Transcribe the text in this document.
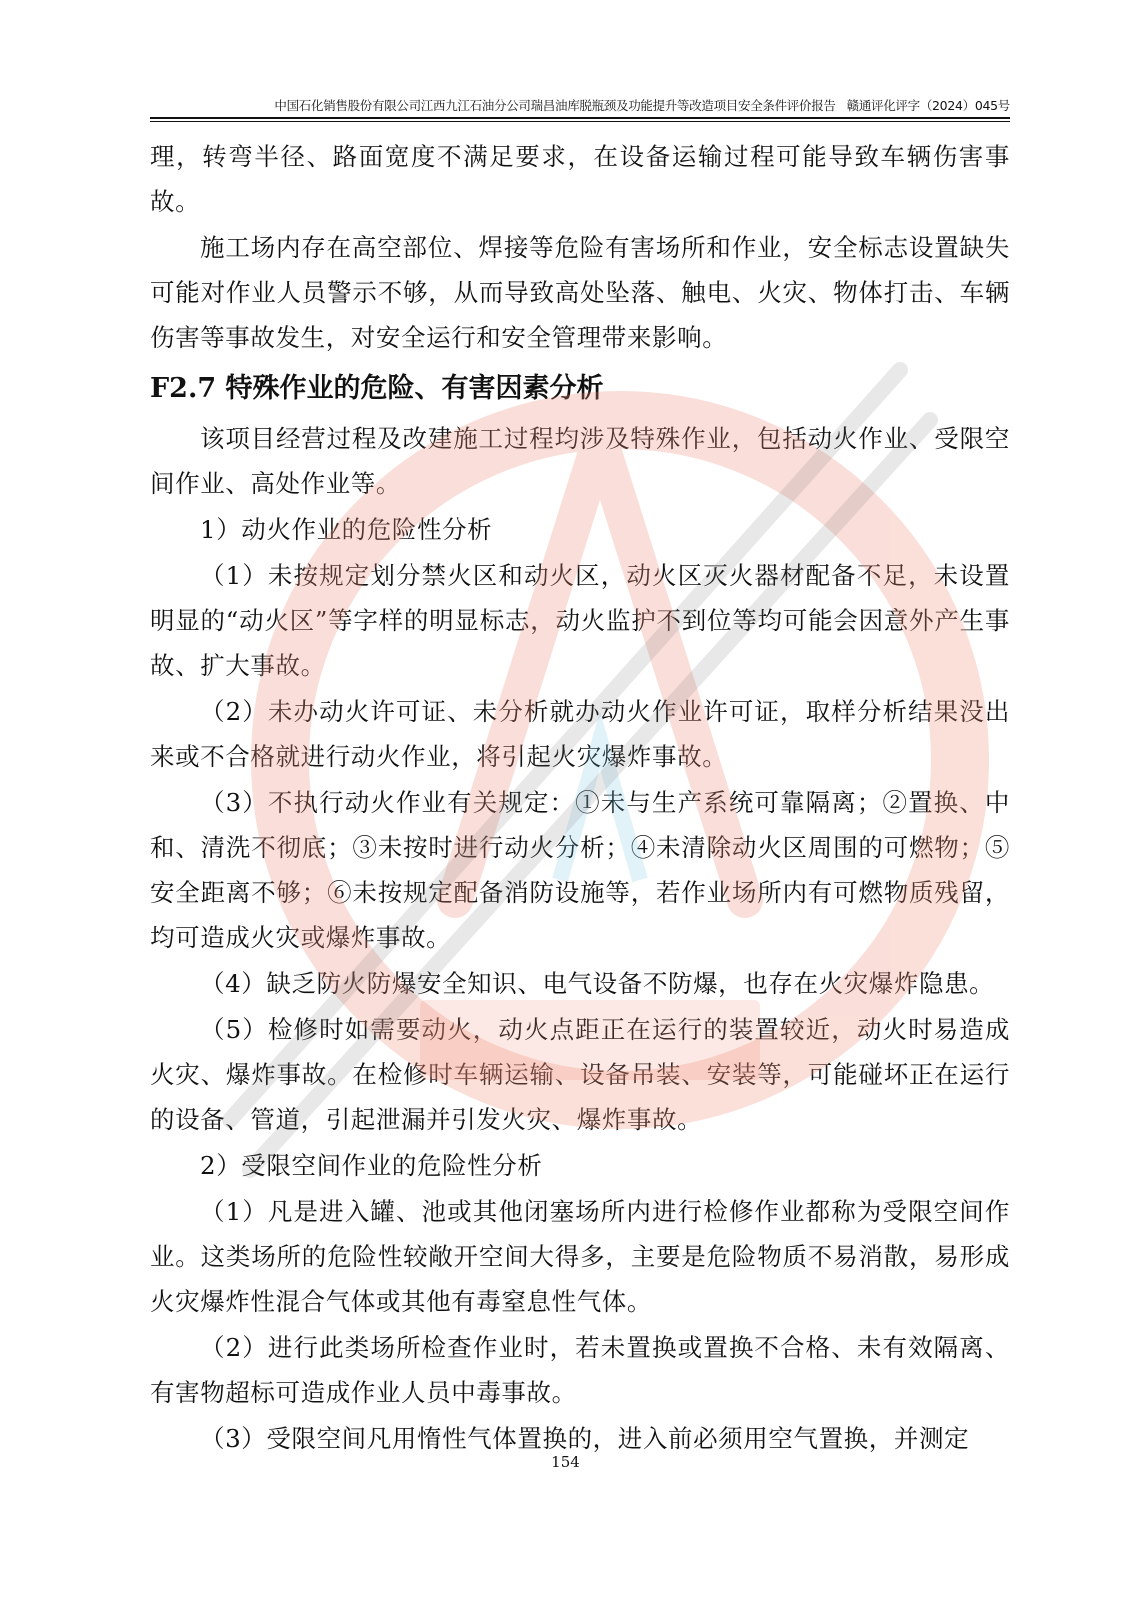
中国石化销售股份有限公司江西九江石油分公司瑞昌油库脱瓶颈及功能提升等改造项目安全条件评价报告 赣通评化评字（2024）045号

理，转弯半径、路面宽度不满足要求，在设备运输过程可能导致车辆伤害事故。

施工场内存在高空部位、焊接等危险有害场所和作业，安全标志设置缺失可能对作业人员警示不够，从而导致高处坠落、触电、火灾、物体打击、车辆伤害等事故发生，对安全运行和安全管理带来影响。

F2.7 特殊作业的危险、有害因素分析

该项目经营过程及改建施工过程均涉及特殊作业，包括动火作业、受限空间作业、高处作业等。

1）动火作业的危险性分析

（1）未按规定划分禁火区和动火区，动火区灭火器材配备不足，未设置明显的“动火区”等字样的明显标志，动火监护不到位等均可能会因意外产生事故、扩大事故。

（2）未办动火许可证、未分析就办动火作业许可证，取样分析结果没出来或不合格就进行动火作业，将引起火灾爆炸事故。

（3）不执行动火作业有关规定：①未与生产系统可靠隔离；②置换、中和、清洗不彻底；③未按时进行动火分析；④未清除动火区周围的可燃物；⑤安全距离不够；⑥未按规定配备消防设施等，若作业场所内有可燃物质残留，均可造成火灾或爆炸事故。

（4）缺乏防火防爆安全知识、电气设备不防爆，也存在火灾爆炸隐患。

（5）检修时如需要动火，动火点距正在运行的装置较近，动火时易造成火灾、爆炸事故。在检修时车辆运输、设备吊装、安装等，可能碰坏正在运行的设备、管道，引起泄漏并引发火灾、爆炸事故。

2）受限空间作业的危险性分析

（1）凡是进入罐、池或其他闭塞场所内进行检修作业都称为受限空间作业。这类场所的危险性较敞开空间大得多，主要是危险物质不易消散，易形成火灾爆炸性混合气体或其他有毒窒息性气体。

（2）进行此类场所检查作业时，若未置换或置换不合格、未有效隔离、有害物超标可造成作业人员中毒事故。

（3）受限空间凡用惰性气体置换的，进入前必须用空气置换，并测定

154
